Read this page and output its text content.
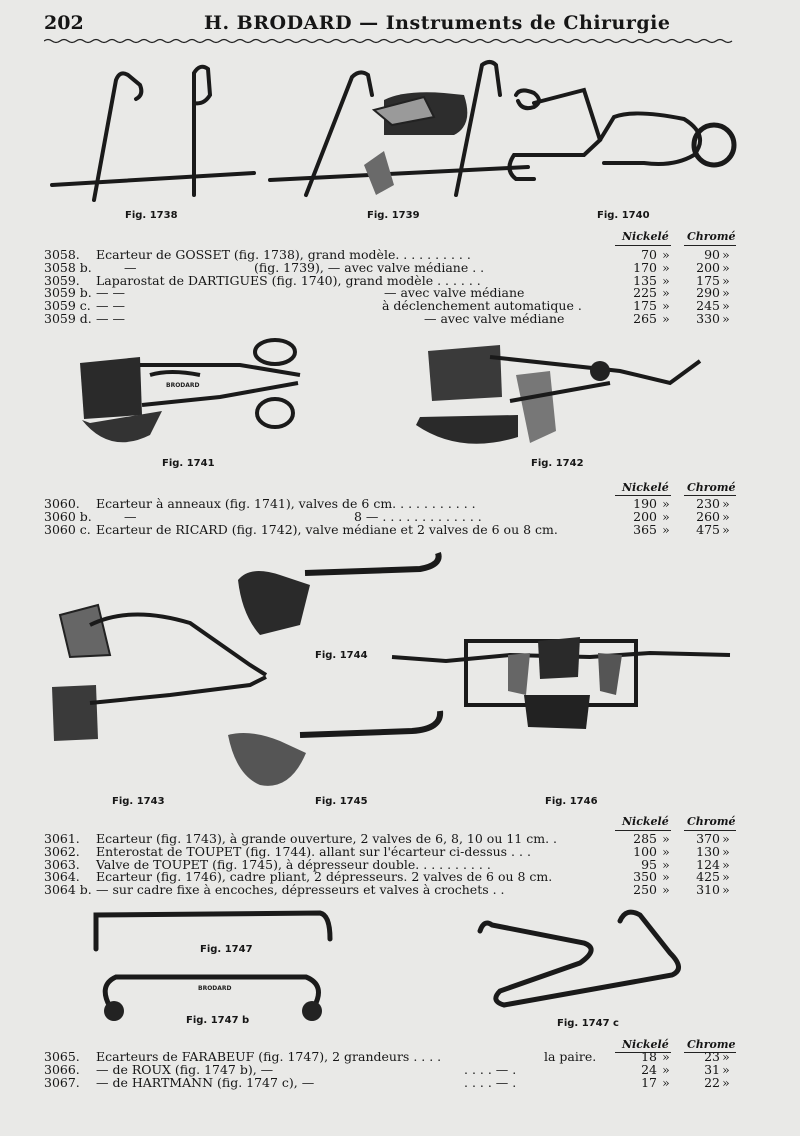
202	H. BRODARD — Instruments de Chirurgie
Fig. 1738	Fig. 1739	Fig. 1740
Nickelé Chromé
3058. Ecarteur de GOSSET (fig. 1738), grand modèle. . . . . . . . . .	70 »	90 »
3058 b.	—	(fig. 1739), — avec valve médiane . .	170 »	200 »
3059. Laparostat de DARTIGUES (fig. 1740), grand modèle . . . . . .	135 »	175 »
3059 b. — —	— avec valve médiane	225 »	290 »
3059 c. — —	à déclenchement automatique .	175 »	245 »
3059 d. — —	— avec valve médiane	265 »	330 »
BRODARD
Fig. 1741	Fig. 1742
Nickelé Chromé
3060. Ecarteur à anneaux (fig. 1741), valves de 6 cm. . . . . . . . . . .	190 »	230 »
3060 b.	—	8 — . . . . . . . . . . . . .	200 »	260 »
3060 c. Ecarteur de RICARD (fig. 1742), valve médiane et 2 valves de 6 ou 8 cm.	365 »	475 »
Fig. 1744
Fig. 1743	Fig. 1745	Fig. 1746
Nickelé Chromé
3061. Ecarteur (fig. 1743), à grande ouverture, 2 valves de 6, 8, 10 ou 11 cm. .	285 »	370 »
3062. Enterostat de TOUPET (fig. 1744). allant sur l'écarteur ci-dessus . . .	100 »	130 »
3063. Valve de TOUPET (fig. 1745), à dépresseur double. . . . . . . . . .	95 »	124 »
3064. Ecarteur (fig. 1746), cadre pliant, 2 dépresseurs. 2 valves de 6 ou 8 cm.	350 »	425 »
3064 b. — sur cadre fixe à encoches, dépresseurs et valves à crochets . .	250 »	310 »
BRODARD
Fig. 1747
Fig. 1747 b	Fig. 1747 c
Nickelé Chrome
3065. Ecarteurs de FARABEUF (fig. 1747), 2 grandeurs . . . .	la paire.	18 »	23 »
3066. — de ROUX (fig. 1747 b), —	. . . . — .	24 »	31 »
3067. — de HARTMANN (fig. 1747 c), —	. . . . — .	17 »	22 »
